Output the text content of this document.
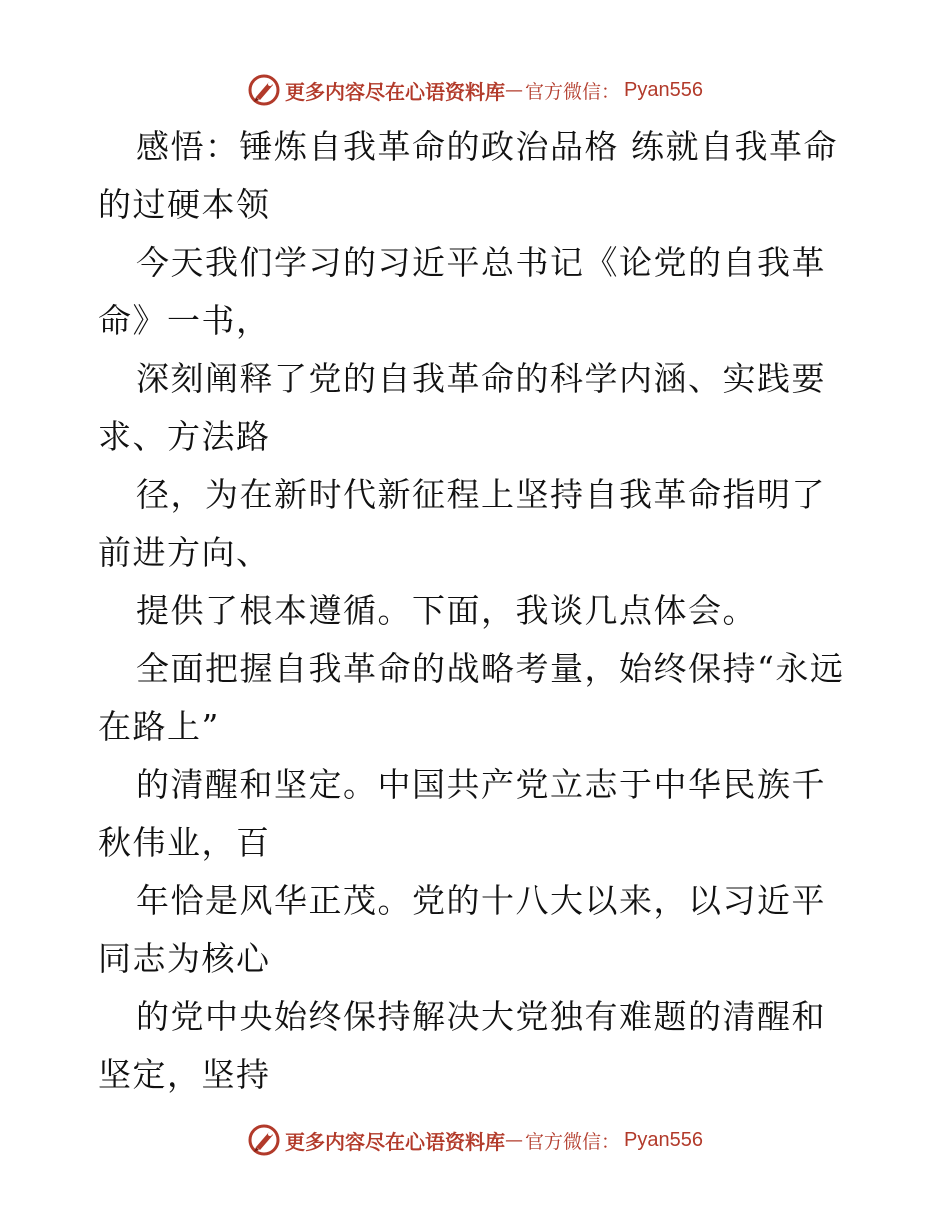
更多内容尽在心语资料库 — 官方微信： Pyan556

感悟：锤炼自我革命的政治品格 练就自我革命的过硬本领

今天我们学习的习近平总书记《论党的自我革命》一书，

深刻阐释了党的自我革命的科学内涵、实践要求、方法路

径，为在新时代新征程上坚持自我革命指明了前进方向、

提供了根本遵循。下面，我谈几点体会。

全面把握自我革命的战略考量，始终保持“永远在路上”

的清醒和坚定。中国共产党立志于中华民族千秋伟业，百

年恰是风华正茂。党的十八大以来，以习近平同志为核心

的党中央始终保持解决大党独有难题的清醒和坚定，坚持

更多内容尽在心语资料库 — 官方微信： Pyan556
